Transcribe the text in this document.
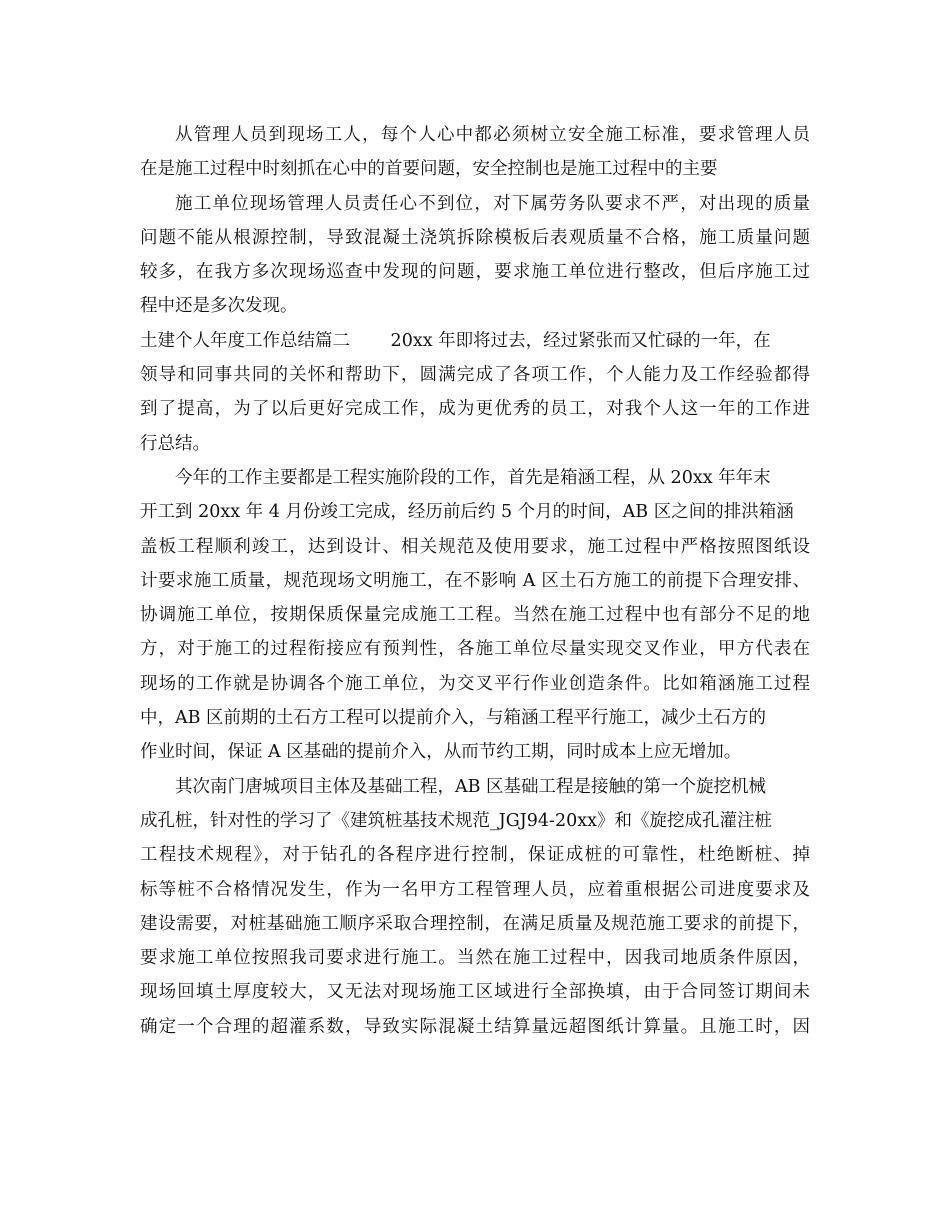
从管理人员到现场工人，每个人心中都必须树立安全施工标准，要求管理人员
在是施工过程中时刻抓在心中的首要问题，安全控制也是施工过程中的主要
施工单位现场管理人员责任心不到位，对下属劳务队要求不严，对出现的质量
问题不能从根源控制，导致混凝土浇筑拆除模板后表观质量不合格，施工质量问题
较多，在我方多次现场巡查中发现的问题，要求施工单位进行整改，但后序施工过
程中还是多次发现。
土建个人年度工作总结篇二　　 20xx 年即将过去，经过紧张而又忙碌的一年，在
领导和同事共同的关怀和帮助下，圆满完成了各项工作，个人能力及工作经验都得
到了提高，为了以后更好完成工作，成为更优秀的员工，对我个人这一年的工作进
行总结。
今年的工作主要都是工程实施阶段的工作，首先是箱涵工程，从 20xx 年年末
开工到 20xx 年 4 月份竣工完成，经历前后约 5 个月的时间，AB 区之间的排洪箱涵
盖板工程顺利竣工，达到设计、相关规范及使用要求，施工过程中严格按照图纸设
计要求施工质量，规范现场文明施工，在不影响 A 区土石方施工的前提下合理安排、
协调施工单位，按期保质保量完成施工工程。当然在施工过程中也有部分不足的地
方，对于施工的过程衔接应有预判性，各施工单位尽量实现交叉作业，甲方代表在
现场的工作就是协调各个施工单位，为交叉平行作业创造条件。比如箱涵施工过程
中，AB 区前期的土石方工程可以提前介入，与箱涵工程平行施工，减少土石方的
作业时间，保证 A 区基础的提前介入，从而节约工期，同时成本上应无增加。
其次南门唐城项目主体及基础工程，AB 区基础工程是接触的第一个旋挖机械
成孔桩，针对性的学习了《建筑桩基技术规范_JGJ94-20xx》和《旋挖成孔灌注桩
工程技术规程》，对于钻孔的各程序进行控制，保证成桩的可靠性，杜绝断桩、掉
标等桩不合格情况发生，作为一名甲方工程管理人员，应着重根据公司进度要求及
建设需要，对桩基础施工顺序采取合理控制，在满足质量及规范施工要求的前提下，
要求施工单位按照我司要求进行施工。当然在施工过程中，因我司地质条件原因，
现场回填土厚度较大，又无法对现场施工区域进行全部换填，由于合同签订期间未
确定一个合理的超灌系数，导致实际混凝土结算量远超图纸计算量。且施工时，因
